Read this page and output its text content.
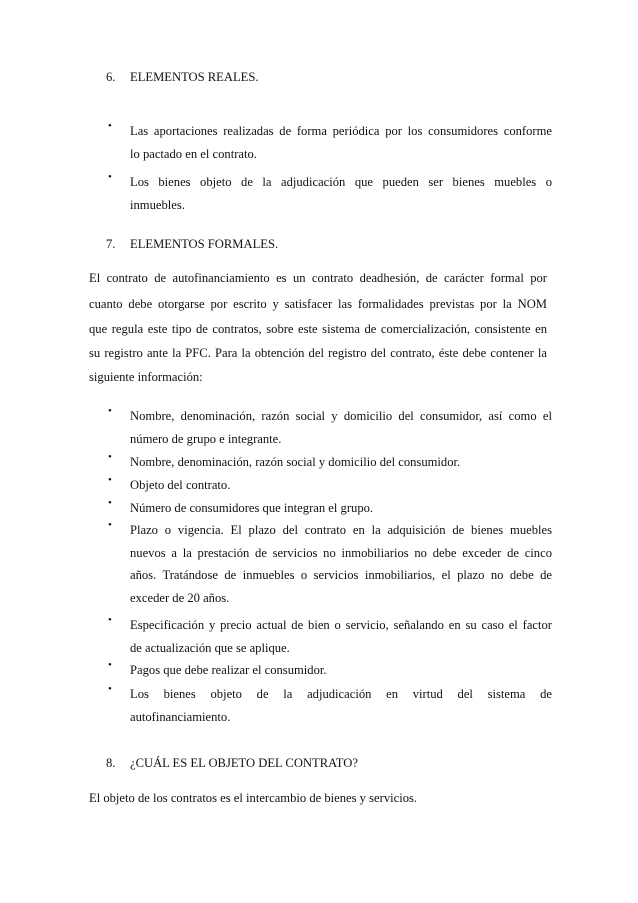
6. ELEMENTOS REALES.
• Las aportaciones realizadas de forma periódica por los consumidores conforme
lo pactado en el contrato.
• Los bienes objeto de la adjudicación que pueden ser bienes muebles o
inmuebles.
7. ELEMENTOS FORMALES.
El contrato de autofinanciamiento es un contrato deadhesión, de carácter formal por
cuanto debe otorgarse por escrito y satisfacer las formalidades previstas por la NOM
que regula este tipo de contratos, sobre este sistema de comercialización, consistente en
su registro ante la PFC. Para la obtención del registro del contrato, éste debe contener la
siguiente información:
• Nombre, denominación, razón social y domicilio del consumidor, así como el
número de grupo e integrante.
• Nombre, denominación, razón social y domicilio del consumidor.
• Objeto del contrato.
• Número de consumidores que integran el grupo.
• Plazo o vigencia. El plazo del contrato en la adquisición de bienes muebles
nuevos a la prestación de servicios no inmobiliarios no debe exceder de cinco
años. Tratándose de inmuebles o servicios inmobiliarios, el plazo no debe de
exceder de 20 años.
• Especificación y precio actual de bien o servicio, señalando en su caso el factor
de actualización que se aplique.
• Pagos que debe realizar el consumidor.
• Los bienes objeto de la adjudicación en virtud del sistema de
autofinanciamiento.
8. ¿CUÁL ES EL OBJETO DEL CONTRATO?
El objeto de los contratos es el intercambio de bienes y servicios.
